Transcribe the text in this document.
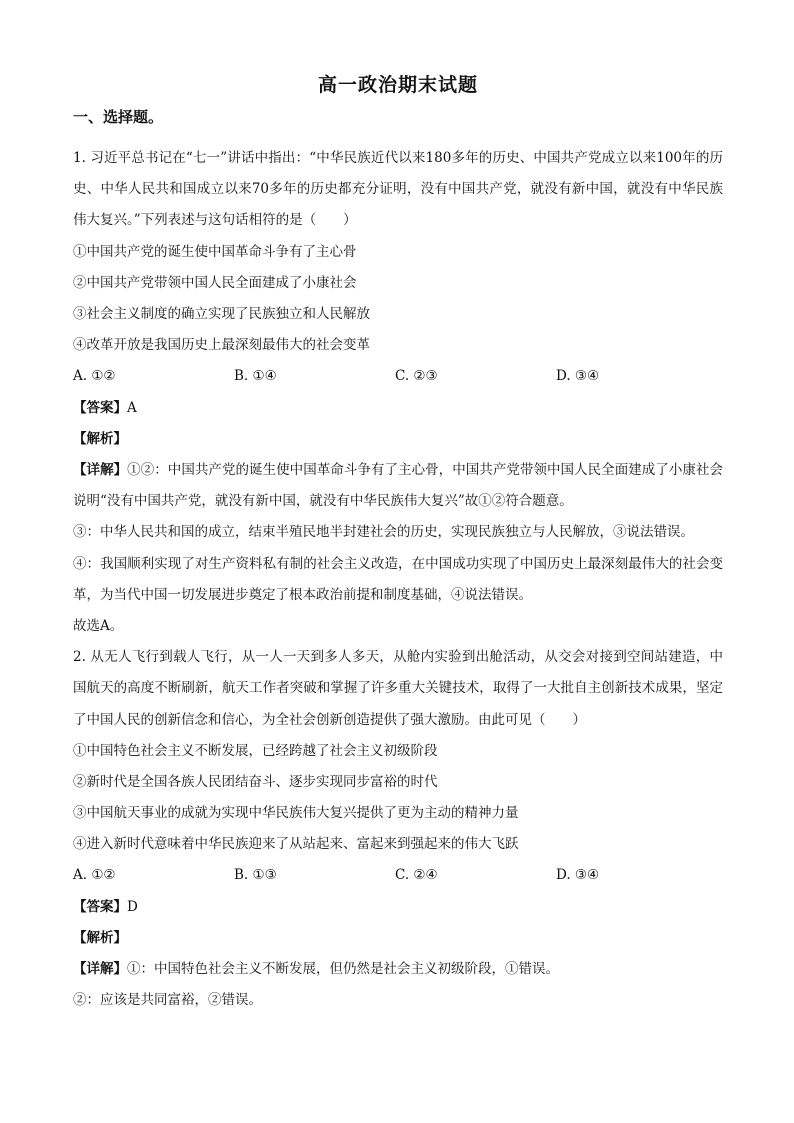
高一政治期末试题

一、选择题。

1. 习近平总书记在“七一”讲话中指出：“中华民族近代以来180多年的历史、中国共产党成立以来100年的历史、中华人民共和国成立以来70多年的历史都充分证明，没有中国共产党，就没有新中国，就没有中华民族伟大复兴。”下列表述与这句话相符的是（　　）

①中国共产党的诞生使中国革命斗争有了主心骨

②中国共产党带领中国人民全面建成了小康社会

③社会主义制度的确立实现了民族独立和人民解放

④改革开放是我国历史上最深刻最伟大的社会变革

A. ①②	B. ①④	C. ②③	D. ③④

【答案】A

【解析】

【详解】①②：中国共产党的诞生使中国革命斗争有了主心骨，中国共产党带领中国人民全面建成了小康社会说明“没有中国共产党，就没有新中国，就没有中华民族伟大复兴”故①②符合题意。

③：中华人民共和国的成立，结束半殖民地半封建社会的历史，实现民族独立与人民解放，③说法错误。

④：我国顺利实现了对生产资料私有制的社会主义改造，在中国成功实现了中国历史上最深刻最伟大的社会变革，为当代中国一切发展进步奠定了根本政治前提和制度基础，④说法错误。

故选A。

2. 从无人飞行到载人飞行，从一人一天到多人多天，从舱内实验到出舱活动，从交会对接到空间站建造，中国航天的高度不断刷新，航天工作者突破和掌握了许多重大关键技术，取得了一大批自主创新技术成果，坚定了中国人民的创新信念和信心，为全社会创新创造提供了强大激励。由此可见（　　）

①中国特色社会主义不断发展，已经跨越了社会主义初级阶段

②新时代是全国各族人民团结奋斗、逐步实现同步富裕的时代

③中国航天事业的成就为实现中华民族伟大复兴提供了更为主动的精神力量

④进入新时代意味着中华民族迎来了从站起来、富起来到强起来的伟大飞跃

A. ①②	B. ①③	C. ②④	D. ③④

【答案】D

【解析】

【详解】①：中国特色社会主义不断发展，但仍然是社会主义初级阶段，①错误。

②：应该是共同富裕，②错误。
